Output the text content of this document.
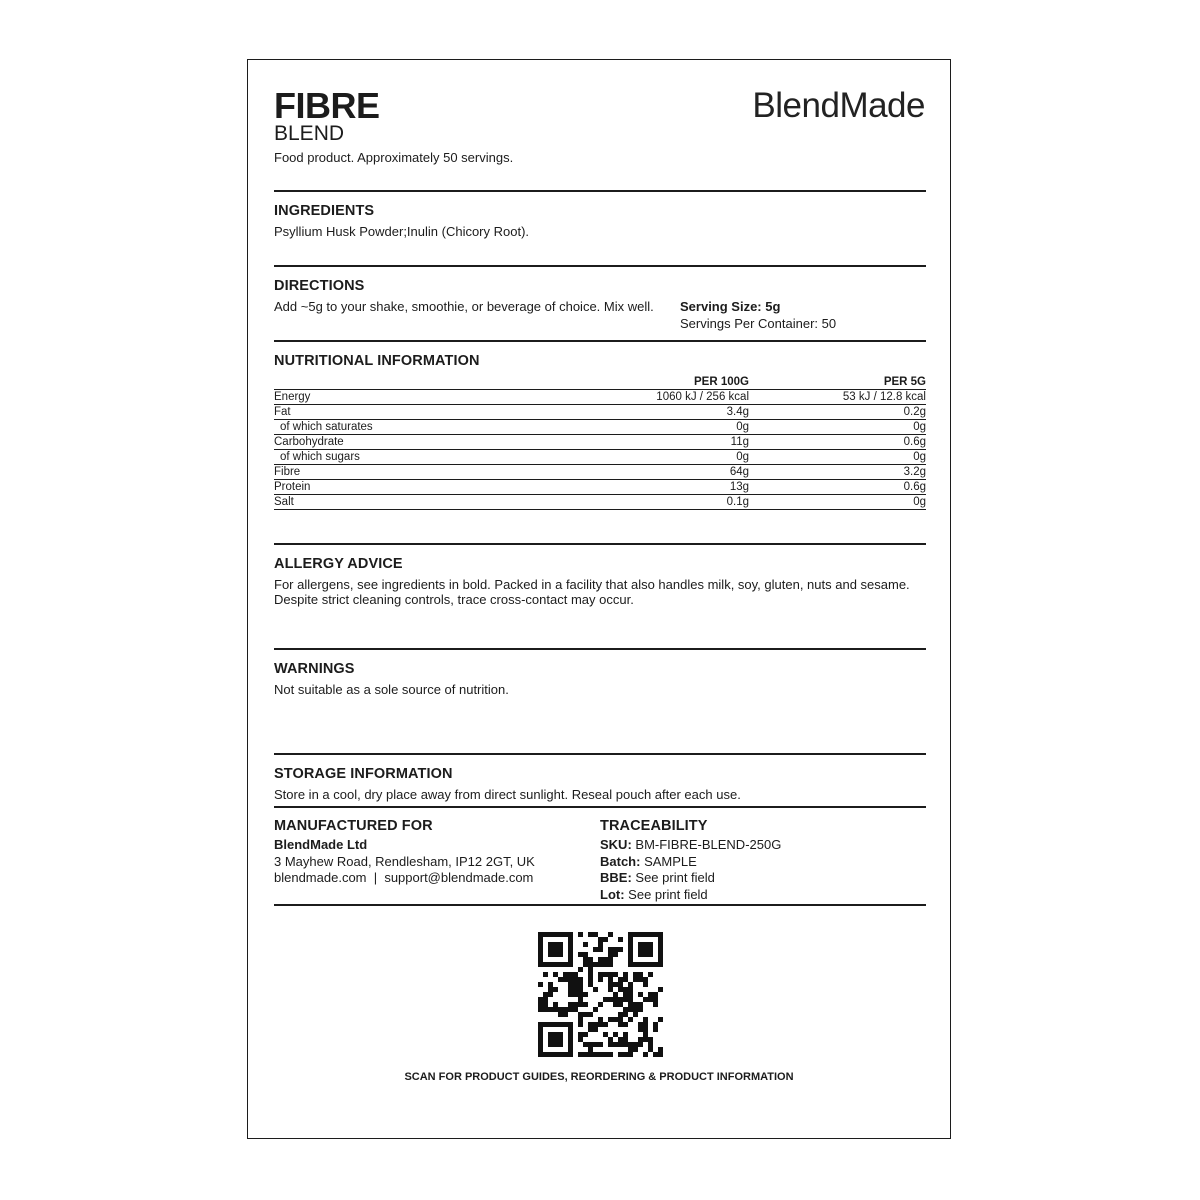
FIBRE
BLEND
Food product. Approximately 50 servings.
BlendMade
INGREDIENTS
Psyllium Husk Powder;Inulin (Chicory Root).
DIRECTIONS
Add ~5g to your shake, smoothie, or beverage of choice. Mix well.	Serving Size: 5g
Servings Per Container: 50
NUTRITIONAL INFORMATION
	PER 100G	PER 5G
Energy	1060 kJ / 256 kcal	53 kJ / 12.8 kcal
Fat	3.4g	0.2g
of which saturates	0g	0g
Carbohydrate	11g	0.6g
of which sugars	0g	0g
Fibre	64g	3.2g
Protein	13g	0.6g
Salt	0.1g	0g
ALLERGY ADVICE
For allergens, see ingredients in bold. Packed in a facility that also handles milk, soy, gluten, nuts and sesame.
Despite strict cleaning controls, trace cross-contact may occur.
WARNINGS
Not suitable as a sole source of nutrition.
STORAGE INFORMATION
Store in a cool, dry place away from direct sunlight. Reseal pouch after each use.
MANUFACTURED FOR
BlendMade Ltd
3 Mayhew Road, Rendlesham, IP12 2GT, UK
blendmade.com  |  support@blendmade.com
TRACEABILITY
SKU: BM-FIBRE-BLEND-250G
Batch: SAMPLE
BBE: See print field
Lot: See print field
SCAN FOR PRODUCT GUIDES, REORDERING & PRODUCT INFORMATION
